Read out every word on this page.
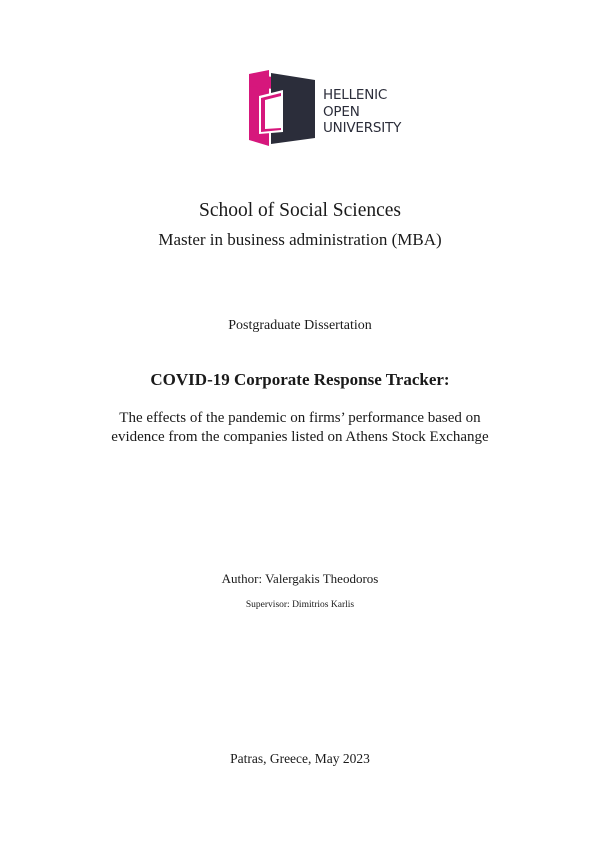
HELLENIC
OPEN
UNIVERSITY
School of Social Sciences
Master in business administration (MBA)
Postgraduate Dissertation
COVID-19 Corporate Response Tracker:
The effects of the pandemic on firms’ performance based on
evidence from the companies listed on Athens Stock Exchange
Author: Valergakis Theodoros
Supervisor: Dimitrios Karlis
Patras, Greece, May 2023
